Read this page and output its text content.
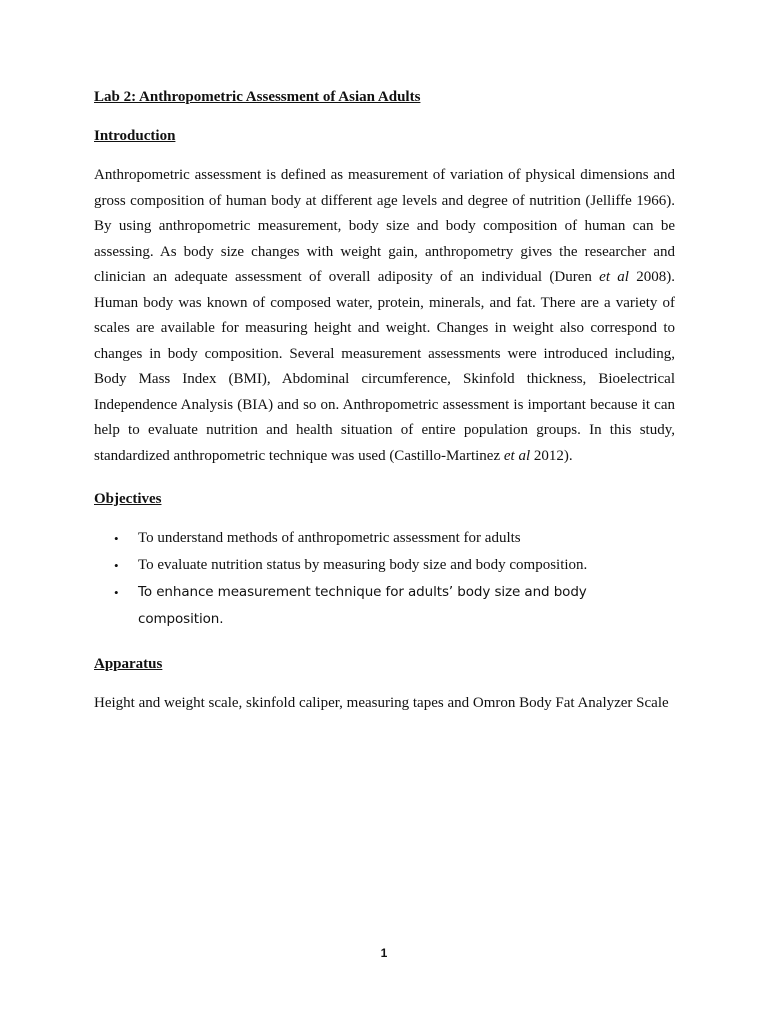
Lab 2: Anthropometric Assessment of Asian Adults
Introduction

Anthropometric assessment is defined as measurement of variation of physical dimensions and gross composition of human body at different age levels and degree of nutrition (Jelliffe 1966). By using anthropometric measurement, body size and body composition of human can be assessing. As body size changes with weight gain, anthropometry gives the researcher and clinician an adequate assessment of overall adiposity of an individual (Duren et al 2008). Human body was known of composed water, protein, minerals, and fat. There are a variety of scales are available for measuring height and weight. Changes in weight also correspond to changes in body composition. Several measurement assessments were introduced including, Body Mass Index (BMI), Abdominal circumference, Skinfold thickness, Bioelectrical Independence Analysis (BIA) and so on. Anthropometric assessment is important because it can help to evaluate nutrition and health situation of entire population groups. In this study, standardized anthropometric technique was used (Castillo-Martinez et al 2012).

Objectives
• To understand methods of anthropometric assessment for adults
• To evaluate nutrition status by measuring body size and body composition.
• To enhance measurement technique for adults’ body size and body composition.
Apparatus

Height and weight scale, skinfold caliper, measuring tapes and Omron Body Fat Analyzer Scale

1
